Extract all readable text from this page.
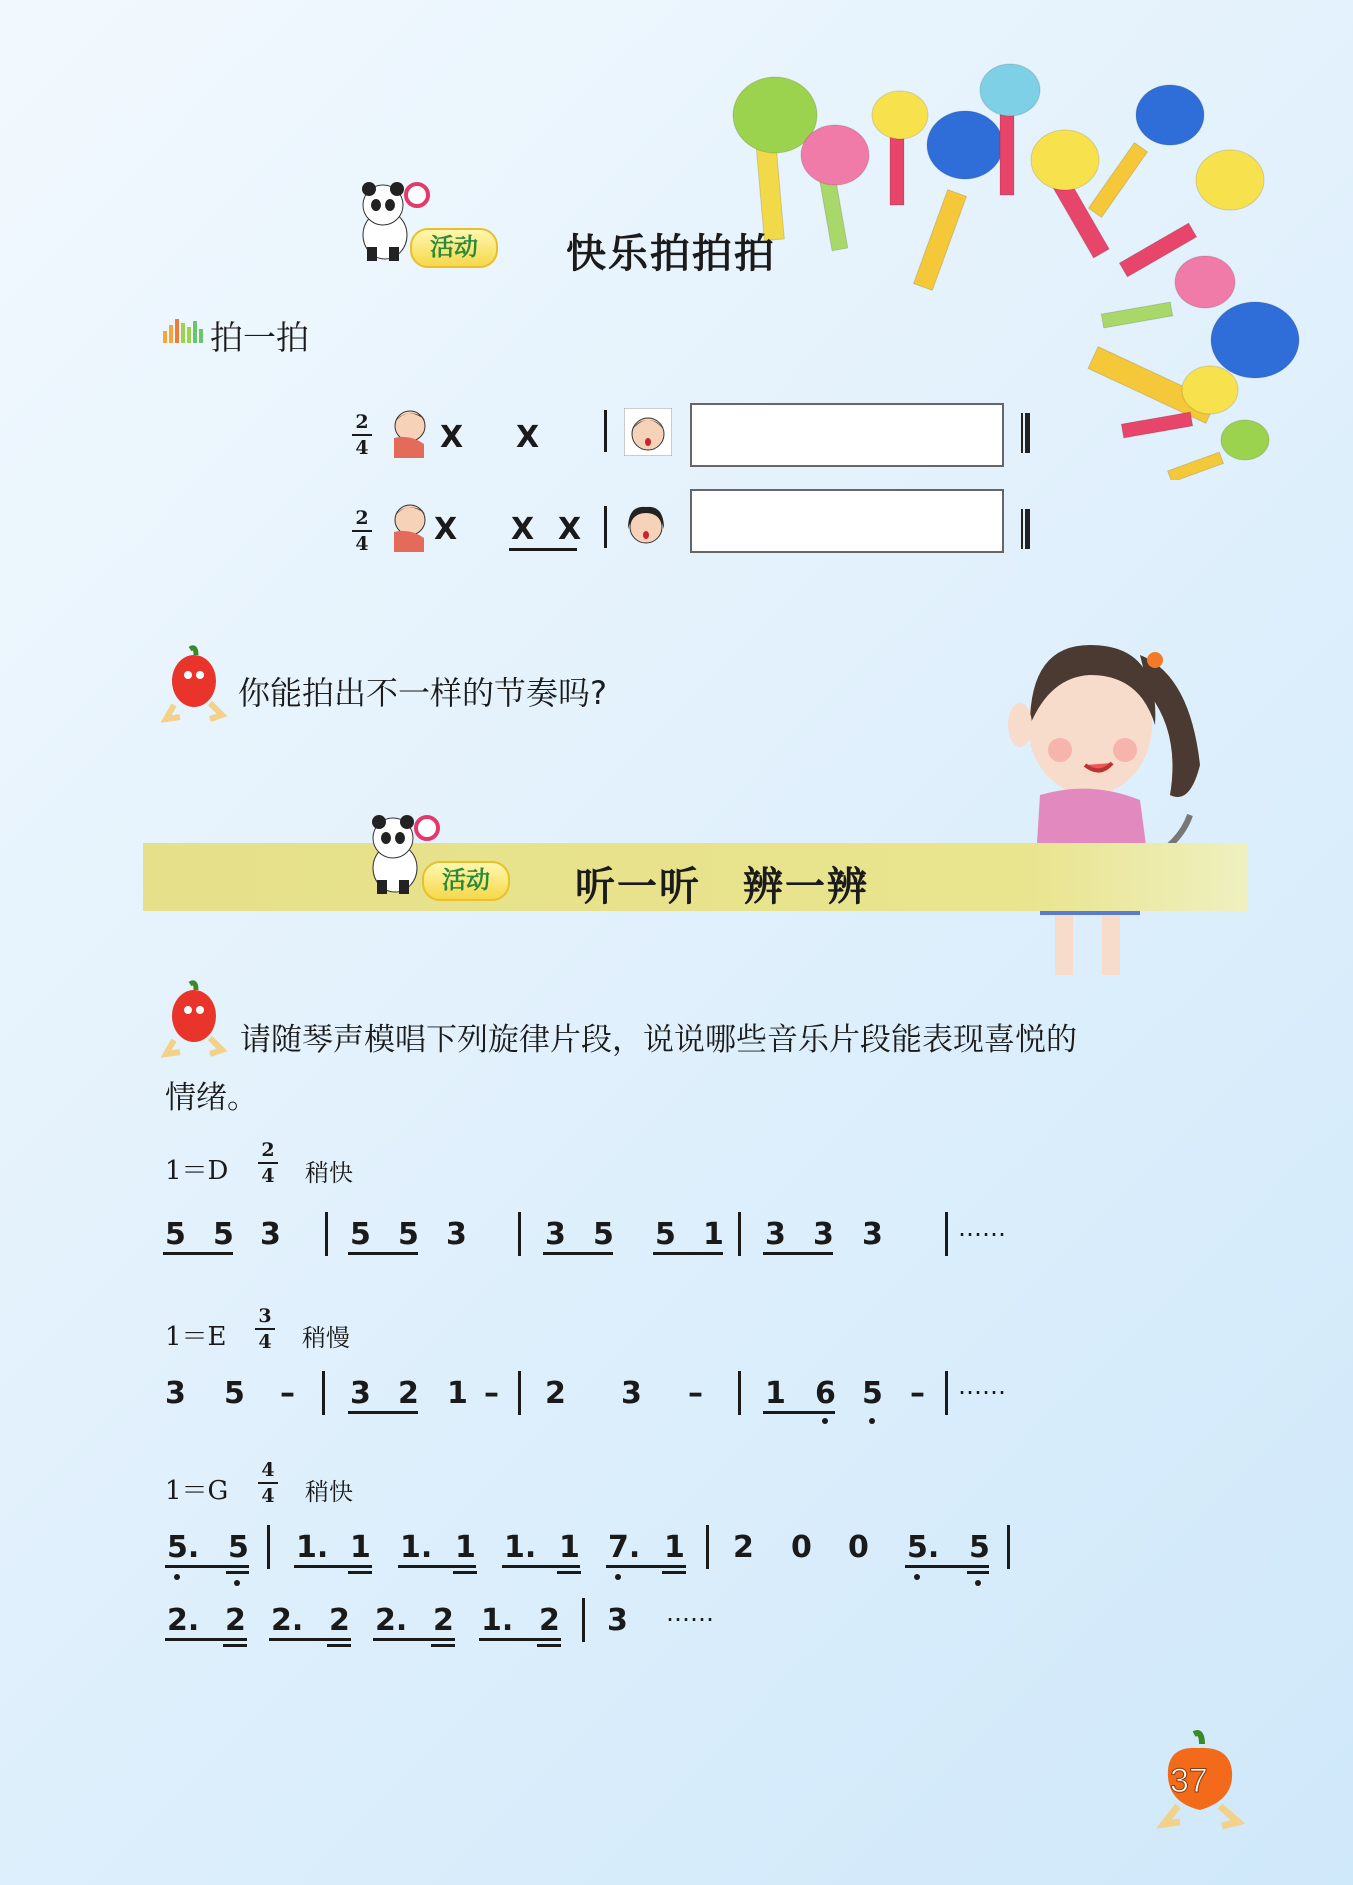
活动	快乐拍拍拍
拍一拍
2
4 X X
2
4 X X X
你能拍出不一样的节奏吗?
活动	听一听　辨一辨
请随琴声模唱下列旋律片段，说说哪些音乐片段能表现喜悦的
情绪。
1＝D
2
4 稍快
5 5 3 5 5 3	3 5 5 1 3 3 3	……
1＝E
3
4 稍慢
3 5 – 3 2 1 – 2 3 – 1 6 5 – ……
1＝G
4
4 稍快
5. 5 1. 1 1. 1 1. 1 7. 1 2 0 0 5. 5
2. 2 2. 2 2. 2 1. 2 3 ……
37
